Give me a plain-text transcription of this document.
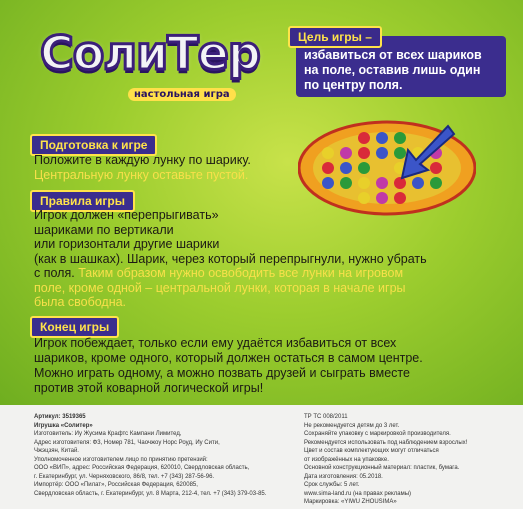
СолиТер
настольная игра
избавиться от всех шариков на поле, оставив лишь один по центру поля.
Цель игры –
Подготовка к игре
Положите в каждую лунку по шарику.
Центральную лунку оставьте пустой.
Правила игры
Игрок должен «перепрыгивать»
шариками по вертикали
или горизонтали другие шарики
(как в шашках). Шарик, через который перепрыгнули, нужно убрать
с поля. Таким образом нужно освободить все лунки на игровом
поле, кроме одной – центральной лунки, которая в начале игры
была свободна.
Конец игры
Игрок побеждает, только если ему удаётся избавиться от всех
шариков, кроме одного, который должен остаться в самом центре.
Можно играть одному, а можно позвать друзей и сыграть вместе
против этой коварной логической игры!
Артикул: 3519365
Игрушка «Солитер»
Изготовитель: Иу Жусима Крафтс Кампани Лимитед,
Адрес изготовителя: Ф3, Номер 781, Чаочжоу Норс Роуд, Иу Сити,
Чжэцзян, Китай.
Уполномоченное изготовителем лицо по принятию претензий:
ООО «ВИП», адрес: Российская Федерация, 620010, Свердловская область,
г. Екатеринбург, ул. Черняховского, 86/8, тел. +7 (343) 287-56-96.
Импортёр: ООО «Пилат», Российская Федерация, 620085,
Свердловская область, г. Екатеринбург, ул. 8 Марта, 212-4, тел. +7 (343) 379-03-85.
ТР ТС 008/2011
Не рекомендуется детям до 3 лет.
Сохраняйте упаковку с маркировкой производителя.
Рекомендуется использовать под наблюдением взрослых!
Цвет и состав комплектующих могут отличаться
от изображённых на упаковке.
Основной конструкционный материал: пластик, бумага.
Дата изготовления: 05.2018.
Срок службы: 5 лет.
www.sima-land.ru (на правах рекламы)
Маркировка: «YIWU ZHOUSIMA»
